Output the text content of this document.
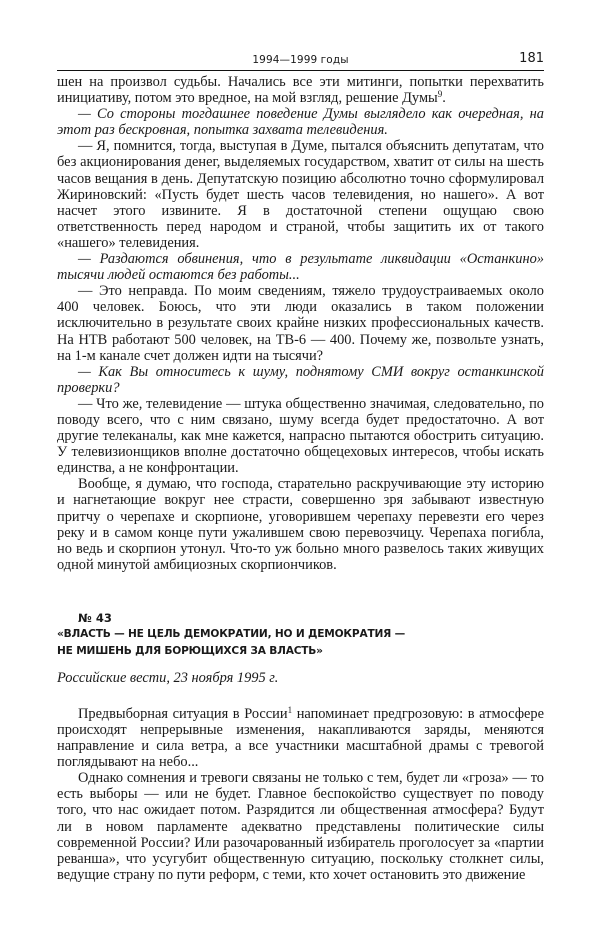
1994—1999 годы	181

шен на произвол судьбы. Начались все эти митинги, попытки перехватить инициативу, потом это вредное, на мой взгляд, решение Думы$^9$.

— Со стороны тогдашнее поведение Думы выглядело как очередная, на этот раз бескровная, попытка захвата телевидения.

— Я, помнится, тогда, выступая в Думе, пытался объяснить депутатам, что без акционирования денег, выделяемых государством, хватит от силы на шесть часов вещания в день. Депутатскую позицию абсолютно точно сформулировал Жириновский: «Пусть будет шесть часов телевидения, но нашего». А вот насчет этого извините. Я в достаточной степени ощущаю свою ответственность перед народом и страной, чтобы защитить их от такого «нашего» телевидения.

— Раздаются обвинения, что в результате ликвидации «Останкино» тысячи людей остаются без работы...

— Это неправда. По моим сведениям, тяжело трудоустраиваемых около 400 человек. Боюсь, что эти люди оказались в таком положении исключительно в результате своих крайне низких профессиональных качеств. На НТВ работают 500 человек, на ТВ-6 — 400. Почему же, позвольте узнать, на 1-м канале счет должен идти на тысячи?

— Как Вы относитесь к шуму, поднятому СМИ вокруг останкинской проверки?

— Что же, телевидение — штука общественно значимая, следовательно, по поводу всего, что с ним связано, шуму всегда будет предостаточно. А вот другие телеканалы, как мне кажется, напрасно пытаются обострить ситуацию. У телевизионщиков вполне достаточно общецеховых интересов, чтобы искать единства, а не конфронтации.

Вообще, я думаю, что господа, старательно раскручивающие эту историю и нагнетающие вокруг нее страсти, совершенно зря забывают известную притчу о черепахе и скорпионе, уговорившем черепаху перевезти его через реку и в самом конце пути ужалившем свою перевозчицу. Черепаха погибла, но ведь и скорпион утонул. Что-то уж больно много развелось таких живущих одной минутой амбициозных скорпиончиков.

№ 43
«ВЛАСТЬ — НЕ ЦЕЛЬ ДЕМОКРАТИИ, НО И ДЕМОКРАТИЯ —
НЕ МИШЕНЬ ДЛЯ БОРЮЩИХСЯ ЗА ВЛАСТЬ»
Российские вести, 23 ноября 1995 г.

Предвыборная ситуация в России$^1$ напоминает предгрозовую: в атмосфере происходят непрерывные изменения, накапливаются заряды, меняются направление и сила ветра, а все участники масштабной драмы с тревогой поглядывают на небо...

Однако сомнения и тревоги связаны не только с тем, будет ли «гроза» — то есть выборы — или не будет. Главное беспокойство существует по поводу того, что нас ожидает потом. Разрядится ли общественная атмосфера? Будут ли в новом парламенте адекватно представлены политические силы современной России? Или разочарованный избиратель проголосует за «партии реванша», что усугубит общественную ситуацию, поскольку столкнет силы, ведущие страну по пути реформ, с теми, кто хочет остановить это движение
